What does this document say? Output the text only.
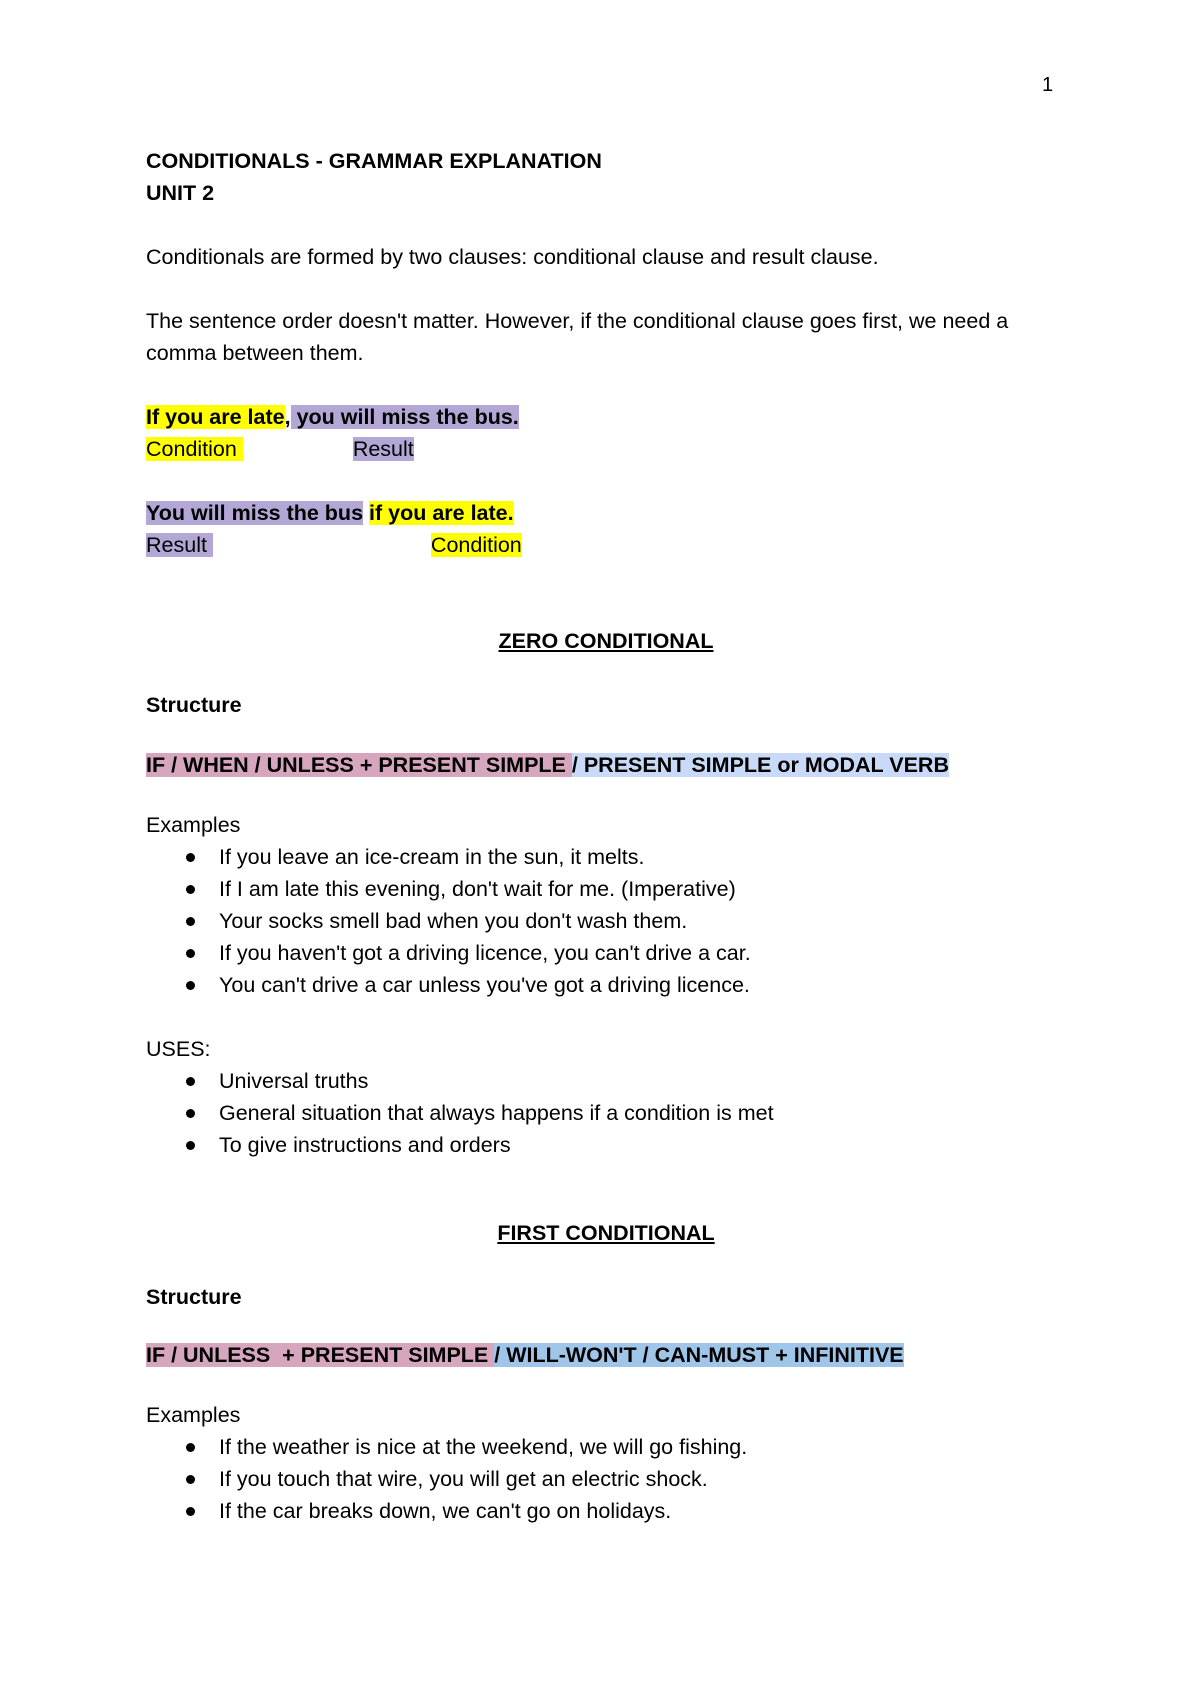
1
CONDITIONALS - GRAMMAR EXPLANATION
UNIT 2
Conditionals are formed by two clauses: conditional clause and result clause.
The sentence order doesn't matter. However, if the conditional clause goes first, we need a comma between them.
If you are late, you will miss the bus.
Condition	Result
You will miss the bus if you are late.
Result	Condition
ZERO CONDITIONAL
Structure
IF / WHEN / UNLESS + PRESENT SIMPLE / PRESENT SIMPLE or MODAL VERB
Examples
If you leave an ice-cream in the sun, it melts.
If I am late this evening, don't wait for me. (Imperative)
Your socks smell bad when you don't wash them.
If you haven't got a driving licence, you can't drive a car.
You can't drive a car unless you've got a driving licence.
USES:
Universal truths
General situation that always happens if a condition is met
To give instructions and orders
FIRST CONDITIONAL
Structure
IF / UNLESS  + PRESENT SIMPLE / WILL-WON'T / CAN-MUST + INFINITIVE
Examples
If the weather is nice at the weekend, we will go fishing.
If you touch that wire, you will get an electric shock.
If the car breaks down, we can't go on holidays.
